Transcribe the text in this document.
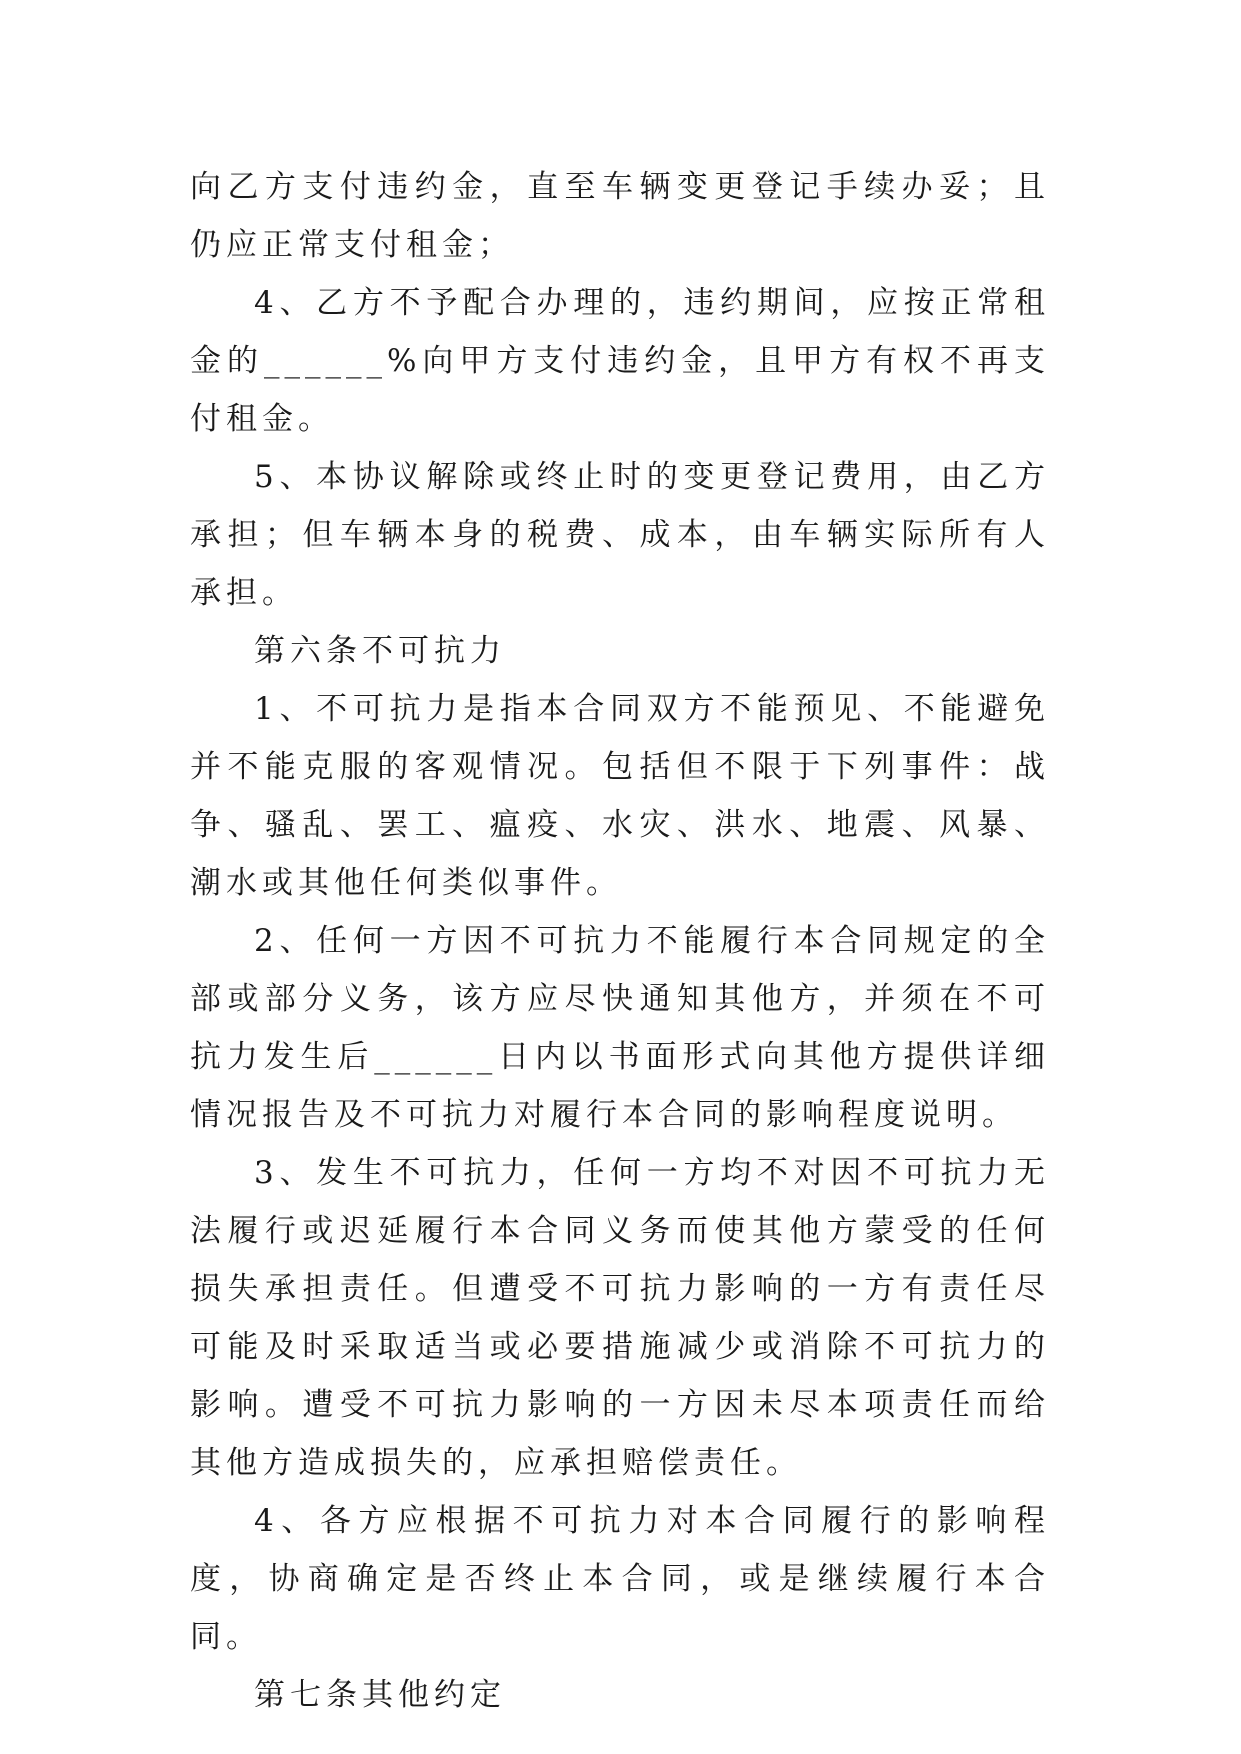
向乙方支付违约金，直至车辆变更登记手续办妥；且仍应正常支付租金；

4、乙方不予配合办理的，违约期间，应按正常租金的______%向甲方支付违约金，且甲方有权不再支付租金。

5、本协议解除或终止时的变更登记费用，由乙方承担；但车辆本身的税费、成本，由车辆实际所有人承担。

第六条不可抗力

1、不可抗力是指本合同双方不能预见、不能避免并不能克服的客观情况。包括但不限于下列事件：战争、骚乱、罢工、瘟疫、水灾、洪水、地震、风暴、潮水或其他任何类似事件。

2、任何一方因不可抗力不能履行本合同规定的全部或部分义务，该方应尽快通知其他方，并须在不可抗力发生后______日内以书面形式向其他方提供详细情况报告及不可抗力对履行本合同的影响程度说明。

3、发生不可抗力，任何一方均不对因不可抗力无法履行或迟延履行本合同义务而使其他方蒙受的任何损失承担责任。但遭受不可抗力影响的一方有责任尽可能及时采取适当或必要措施减少或消除不可抗力的影响。遭受不可抗力影响的一方因未尽本项责任而给其他方造成损失的，应承担赔偿责任。

4、各方应根据不可抗力对本合同履行的影响程度，协商确定是否终止本合同，或是继续履行本合同。

第七条其他约定
